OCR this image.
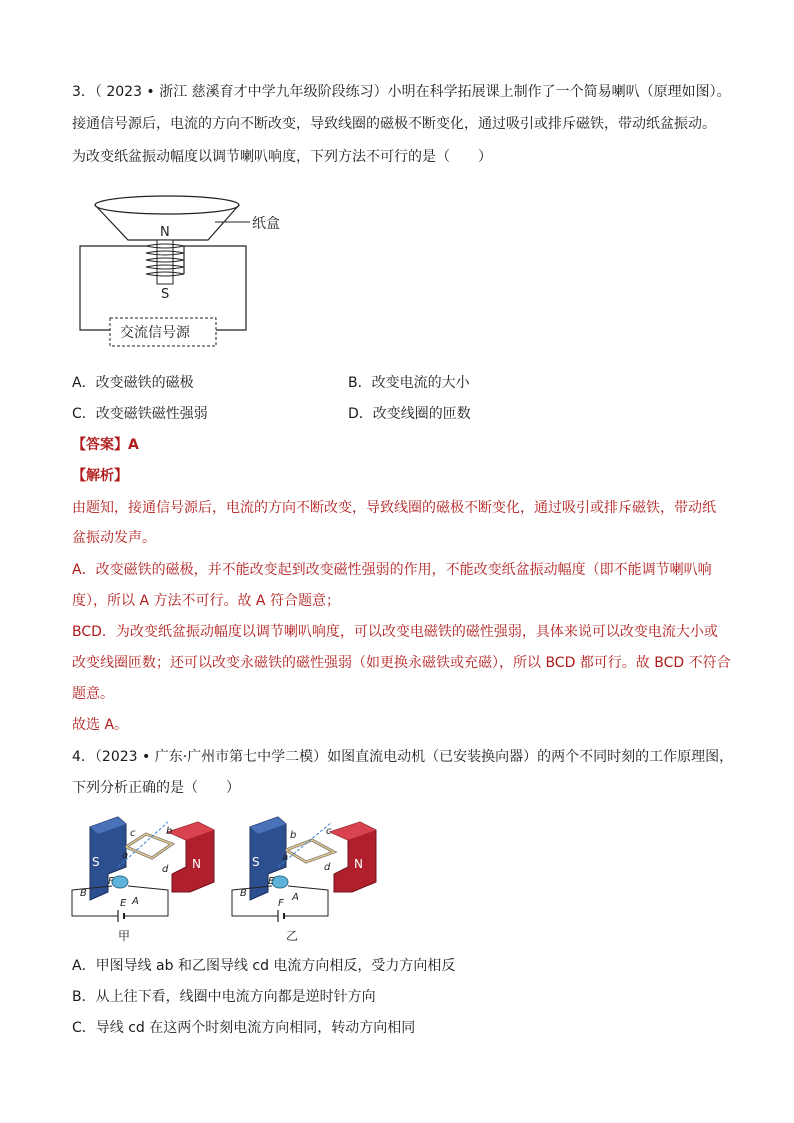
3．（ 2023 • 浙江 慈溪育才中学九年级阶段练习）小明在科学拓展课上制作了一个简易喇叭（原理如图）。
接通信号源后，电流的方向不断改变，导致线圈的磁极不断变化，通过吸引或排斥磁铁，带动纸盆振动。
为改变纸盆振动幅度以调节喇叭响度，下列方法不可行的是（　　）
纸盒
N
S
交流信号源
A．改变磁铁的磁极	B．改变电流的大小
C．改变磁铁磁性强弱	D．改变线圈的匝数
【答案】A
【解析】
由题知，接通信号源后，电流的方向不断改变，导致线圈的磁极不断变化，通过吸引或排斥磁铁，带动纸
盆振动发声。
A．改变磁铁的磁极，并不能改变起到改变磁性强弱的作用，不能改变纸盆振动幅度（即不能调节喇叭响
度），所以 A 方法不可行。故 A 符合题意；
BCD．为改变纸盆振动幅度以调节喇叭响度，可以改变电磁铁的磁性强弱，具体来说可以改变电流大小或
改变线圈匝数；还可以改变永磁铁的磁性强弱（如更换永磁铁或充磁），所以 BCD 都可行。故 BCD 不符合
题意。
故选 A。
4．（2023 • 广东·广州市第七中学二模）如图直流电动机（已安装换向器）的两个不同时刻的工作原理图，
下列分析正确的是（　　）
S	N
c	b
a
d
F
B
A
E
甲
S	N
b	c
a
d
E
B	A
F
乙
A．甲图导线 ab 和乙图导线 cd 电流方向相反，受力方向相反
B．从上往下看，线圈中电流方向都是逆时针方向
C．导线 cd 在这两个时刻电流方向相同，转动方向相同
